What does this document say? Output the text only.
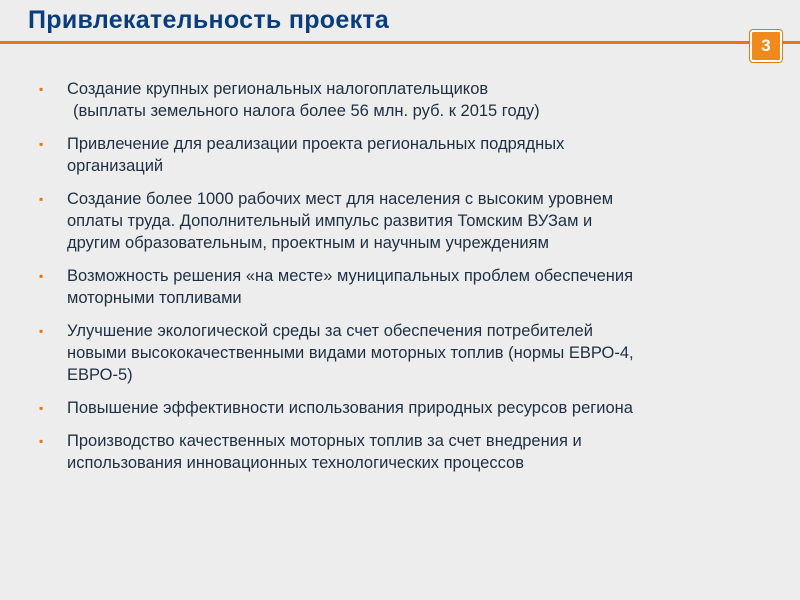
Привлекательность проекта
3
▪	Создание крупных региональных налогоплательщиков
(выплаты земельного налога более 56 млн. руб. к 2015 году)
▪	Привлечение для реализации проекта региональных подрядных
организаций
▪	Создание более 1000 рабочих мест для населения с высоким уровнем
оплаты труда. Дополнительный импульс развития Томским ВУЗам и
другим образовательным, проектным и научным учреждениям
▪	Возможность решения «на месте» муниципальных проблем обеспечения
моторными топливами
▪	Улучшение экологической среды за счет обеспечения потребителей
новыми высококачественными видами моторных топлив (нормы ЕВРО-4,
ЕВРО-5)
▪	Повышение эффективности использования природных ресурсов региона
▪	Производство качественных моторных топлив за счет внедрения и
использования инновационных технологических процессов
